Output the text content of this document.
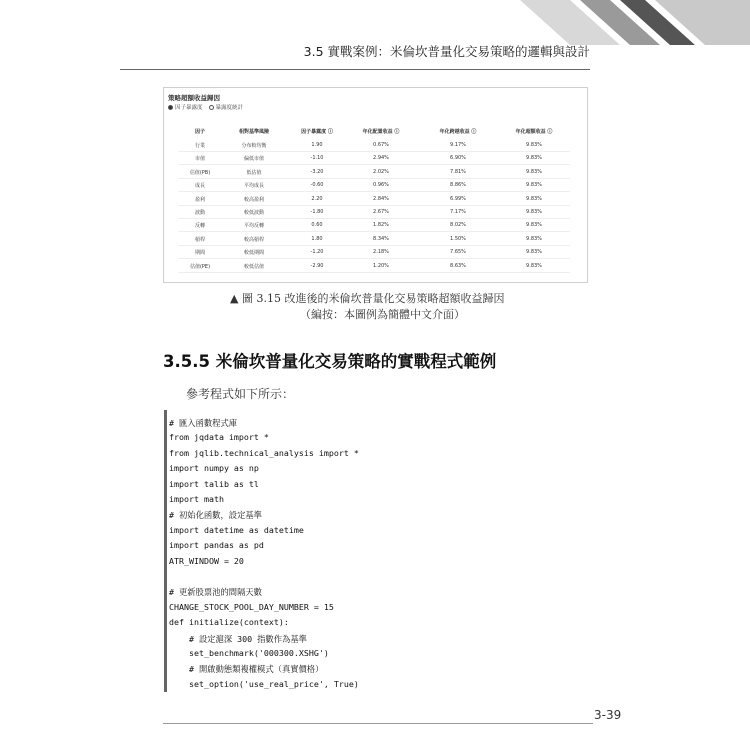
3.5 實戰案例：米倫坎普量化交易策略的邏輯與設計
策略超額收益歸因
因子暴露度 暴露度統計
因子	相對基準風險	因子暴露度 ⓘ	年化配置收益 ⓘ	年化跨越收益 ⓘ	年化超額收益 ⓘ
行業	分布較均衡	1.90	0.67%	9.17%	9.83%
市值	偏低市值	-1.10	2.94%	6.90%	9.83%
估值(PB)	低估值	-3.20	2.02%	7.81%	9.83%
成長	平均成長	-0.60	0.96%	8.86%	9.83%
盈利	較高盈利	2.20	2.84%	6.99%	9.83%
波動	較低波動	-1.80	2.67%	7.17%	9.83%
反轉	平均反轉	0.60	1.82%	8.02%	9.83%
槓桿	較高槓桿	1.80	8.34%	1.50%	9.83%
期間	較低期間	-1.20	2.18%	7.65%	9.83%
估值(PE)	較低估值	-2.90	1.20%	8.63%	9.83%
▲ 圖 3.15 改進後的米倫坎普量化交易策略超額收益歸因
（編按：本圖例為簡體中文介面）
3.5.5 米倫坎普量化交易策略的實戰程式範例
參考程式如下所示：
# 匯入函數程式庫
from jqdata import *
from jqlib.technical_analysis import *
import numpy as np
import talib as tl
import math
# 初始化函數，設定基準
import datetime as datetime
import pandas as pd
ATR_WINDOW = 20
# 更新股票池的間隔天數
CHANGE_STOCK_POOL_DAY_NUMBER = 15
def initialize(context):
# 設定滬深 300 指數作為基準
set_benchmark('000300.XSHG')
# 開啟動態類複權模式（真實價格）
set_option('use_real_price', True)
3-39
